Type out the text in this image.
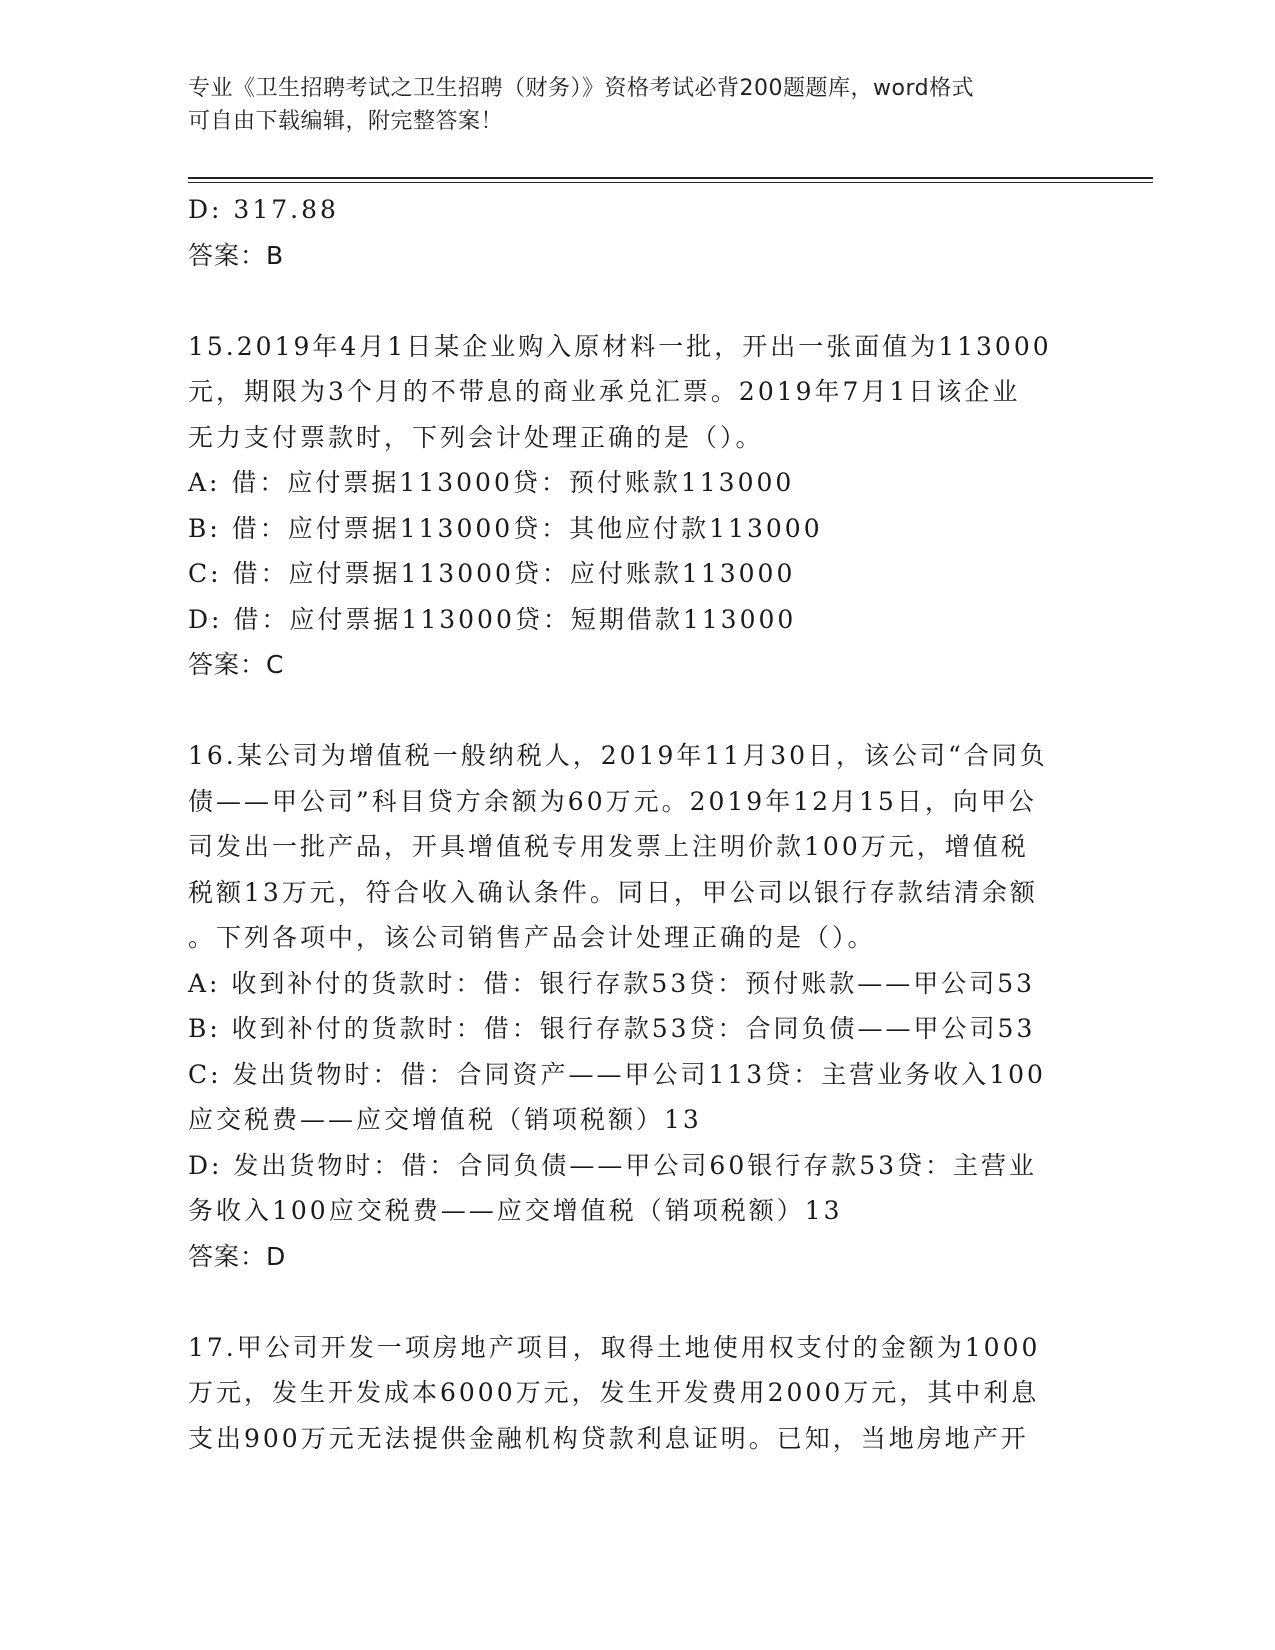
专业《卫生招聘考试之卫生招聘（财务）》资格考试必背200题题库，word格式
可自由下载编辑，附完整答案！
D: 317.88
答案：B
15.2019年4月1日某企业购入原材料一批，开出一张面值为113000
元，期限为3个月的不带息的商业承兑汇票。2019年7月1日该企业
无力支付票款时，下列会计处理正确的是（）。
A: 借：应付票据113000贷：预付账款113000
B: 借：应付票据113000贷：其他应付款113000
C: 借：应付票据113000贷：应付账款113000
D: 借：应付票据113000贷：短期借款113000
答案：C
16.某公司为增值税一般纳税人，2019年11月30日，该公司“合同负
债——甲公司”科目贷方余额为60万元。2019年12月15日，向甲公
司发出一批产品，开具增值税专用发票上注明价款100万元，增值税
税额13万元，符合收入确认条件。同日，甲公司以银行存款结清余额
。下列各项中，该公司销售产品会计处理正确的是（）。
A: 收到补付的货款时：借：银行存款53贷：预付账款——甲公司53
B: 收到补付的货款时：借：银行存款53贷：合同负债——甲公司53
C: 发出货物时：借：合同资产——甲公司113贷：主营业务收入100
应交税费——应交增值税（销项税额）13
D: 发出货物时：借：合同负债——甲公司60银行存款53贷：主营业
务收入100应交税费——应交增值税（销项税额）13
答案：D
17.甲公司开发一项房地产项目，取得土地使用权支付的金额为1000
万元，发生开发成本6000万元，发生开发费用2000万元，其中利息
支出900万元无法提供金融机构贷款利息证明。已知，当地房地产开
